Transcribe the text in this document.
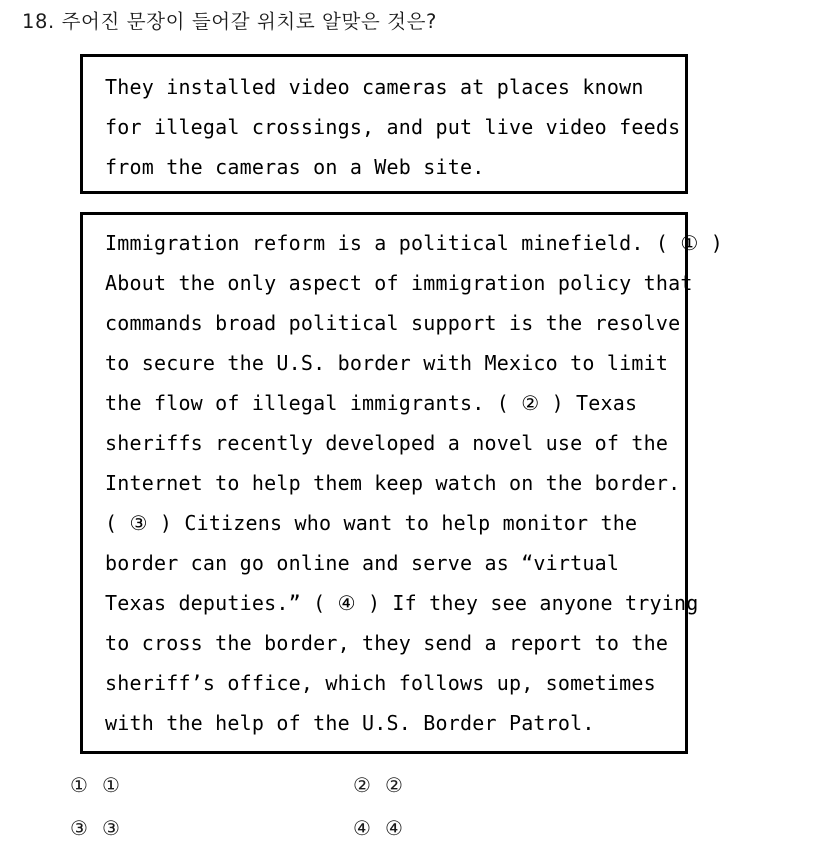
18. 주어진 문장이 들어갈 위치로 알맞은 것은?
They installed video cameras at places known
for illegal crossings, and put live video feeds
from the cameras on a Web site.
Immigration reform is a political minefield. ( ① )
About the only aspect of immigration policy that
commands broad political support is the resolve
to secure the U.S. border with Mexico to limit
the flow of illegal immigrants. ( ② ) Texas
sheriffs recently developed a novel use of the
Internet to help them keep watch on the border.
( ③ ) Citizens who want to help monitor the
border can go online and serve as “virtual
Texas deputies.” ( ④ ) If they see anyone trying
to cross the border, they send a report to the
sheriff’s office, which follows up, sometimes
with the help of the U.S. Border Patrol.
① ①	② ②
③ ③	④ ④
